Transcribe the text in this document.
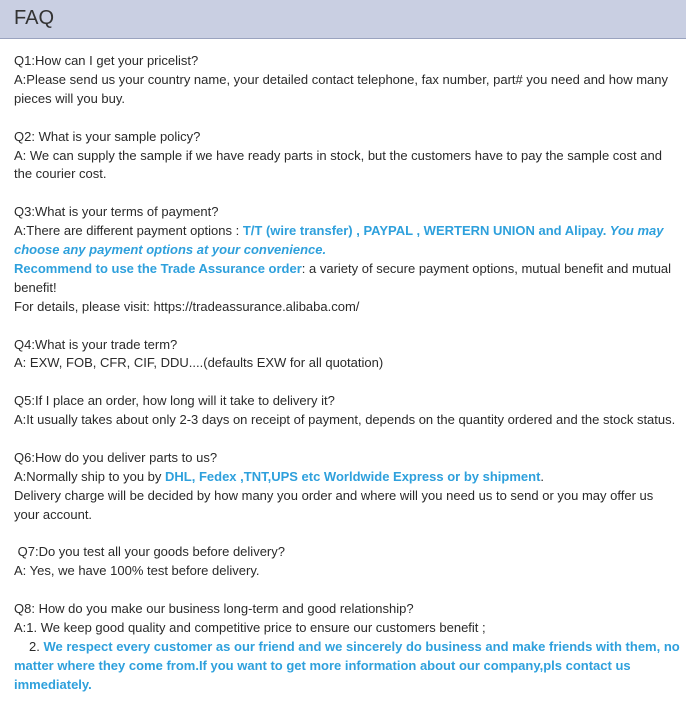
FAQ
Q1:How can I get your pricelist?
A:Please send us your country name, your detailed contact telephone, fax number, part# you need and how many pieces will you buy.
Q2: What is your sample policy?
A: We can supply the sample if we have ready parts in stock, but the customers have to pay the sample cost and the courier cost.
Q3:What is your terms of payment?
A:There are different payment options : T/T (wire transfer) , PAYPAL , WERTERN UNION and Alipay. You may choose any payment options at your convenience.
Recommend to use the Trade Assurance order: a variety of secure payment options, mutual benefit and mutual benefit!
For details, please visit: https://tradeassurance.alibaba.com/
Q4:What is your trade term?
A: EXW, FOB, CFR, CIF, DDU....(defaults EXW for all quotation)
Q5:If I place an order, how long will it take to delivery it?
A:It usually takes about only 2-3 days on receipt of payment, depends on the quantity ordered and the stock status.
Q6:How do you deliver parts to us?
A:Normally ship to you by DHL, Fedex ,TNT,UPS etc Worldwide Express or by shipment.
Delivery charge will be decided by how many you order and where will you need us to send or you may offer us your account.
Q7:Do you test all your goods before delivery?
A: Yes, we have 100% test before delivery.
Q8: How do you make our business long-term and good relationship?
A:1. We keep good quality and competitive price to ensure our customers benefit ;
2. We respect every customer as our friend and we sincerely do business and make friends with them, no matter where they come from.If you want to get more information about our company,pls contact us immediately.
